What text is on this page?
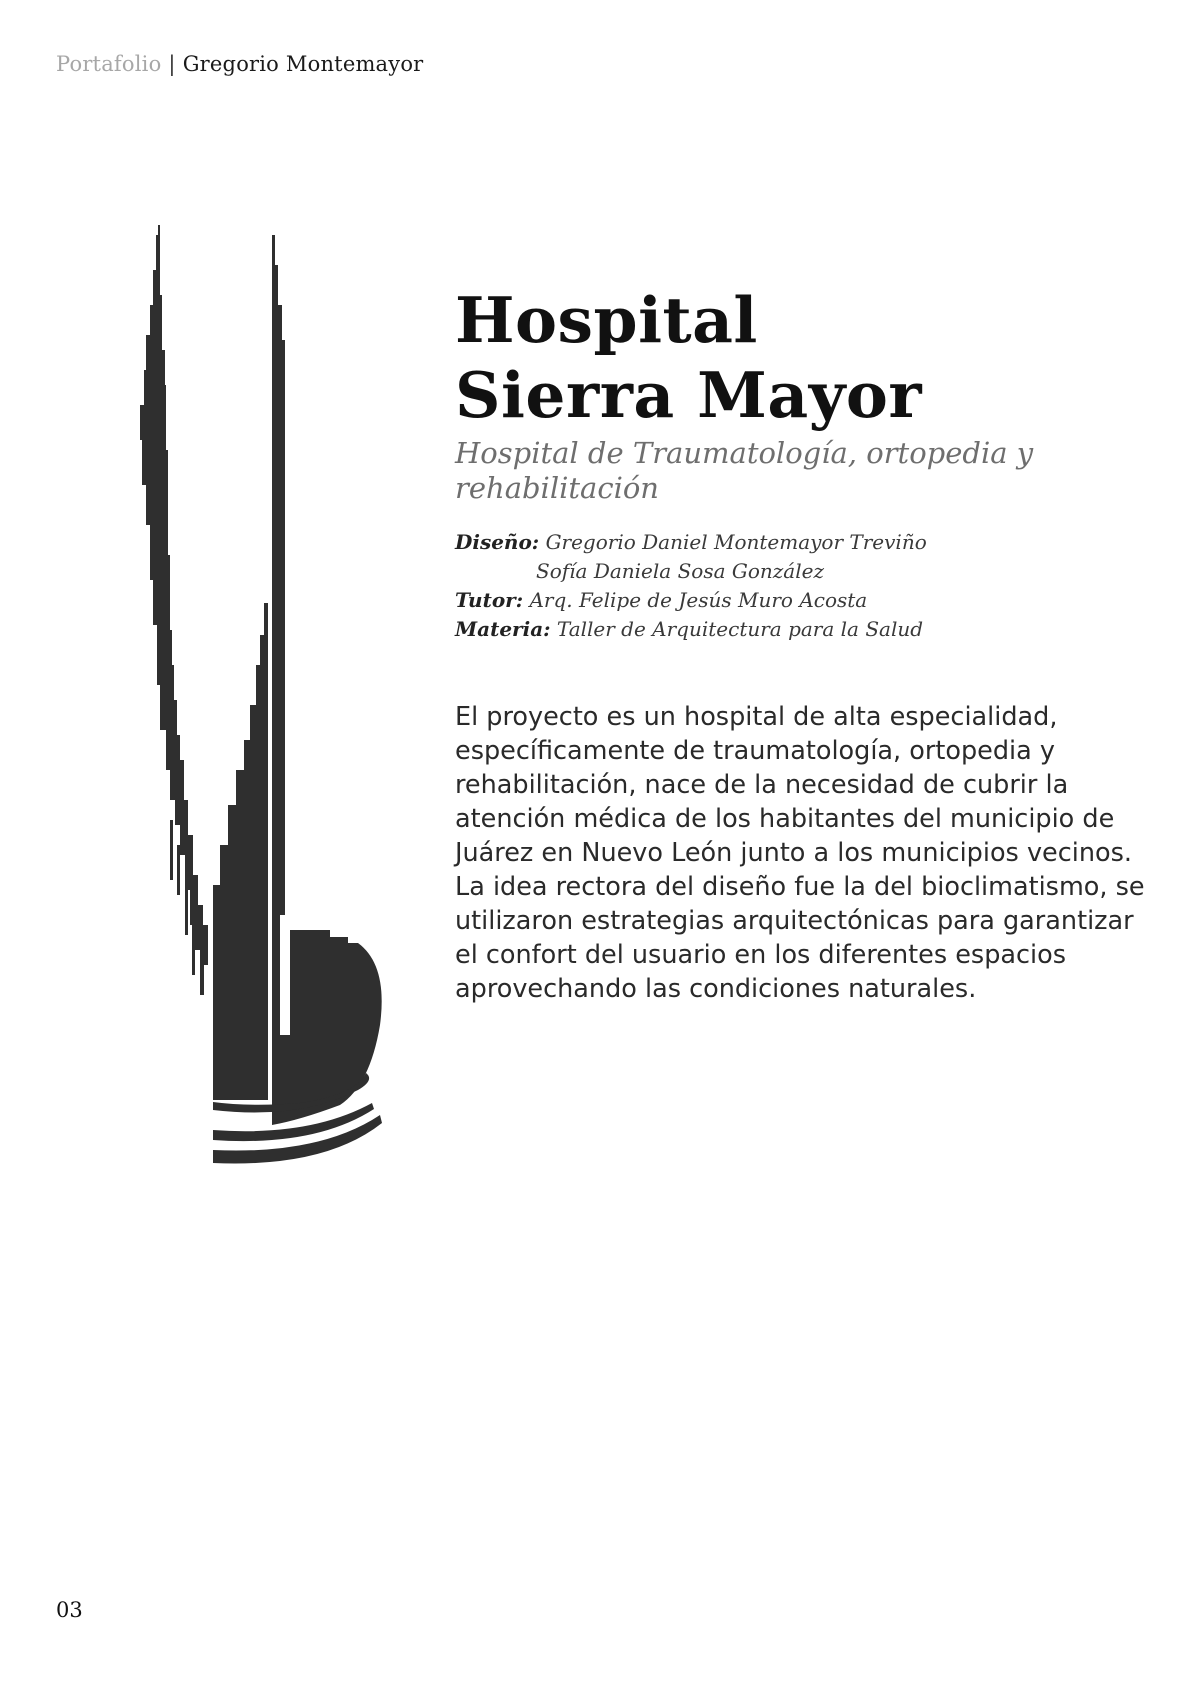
Portafolio | Gregorio Montemayor
Hospital
Sierra Mayor

Hospital de Traumatología, ortopedia y rehabilitación

Diseño: Gregorio Daniel Montemayor Treviño
Sofía Daniela Sosa González
Tutor: Arq. Felipe de Jesús Muro Acosta
Materia: Taller de Arquitectura para la Salud

El proyecto es un hospital de alta especialidad, específicamente de traumatología, ortopedia y rehabilitación, nace de la necesidad de cubrir la atención médica de los habitantes del municipio de Juárez en Nuevo León junto a los municipios vecinos.

La idea rectora del diseño fue la del bioclimatismo, se utilizaron estrategias arquitectónicas para garantizar el confort del usuario en los diferentes espacios aprovechando las condiciones naturales.

03
